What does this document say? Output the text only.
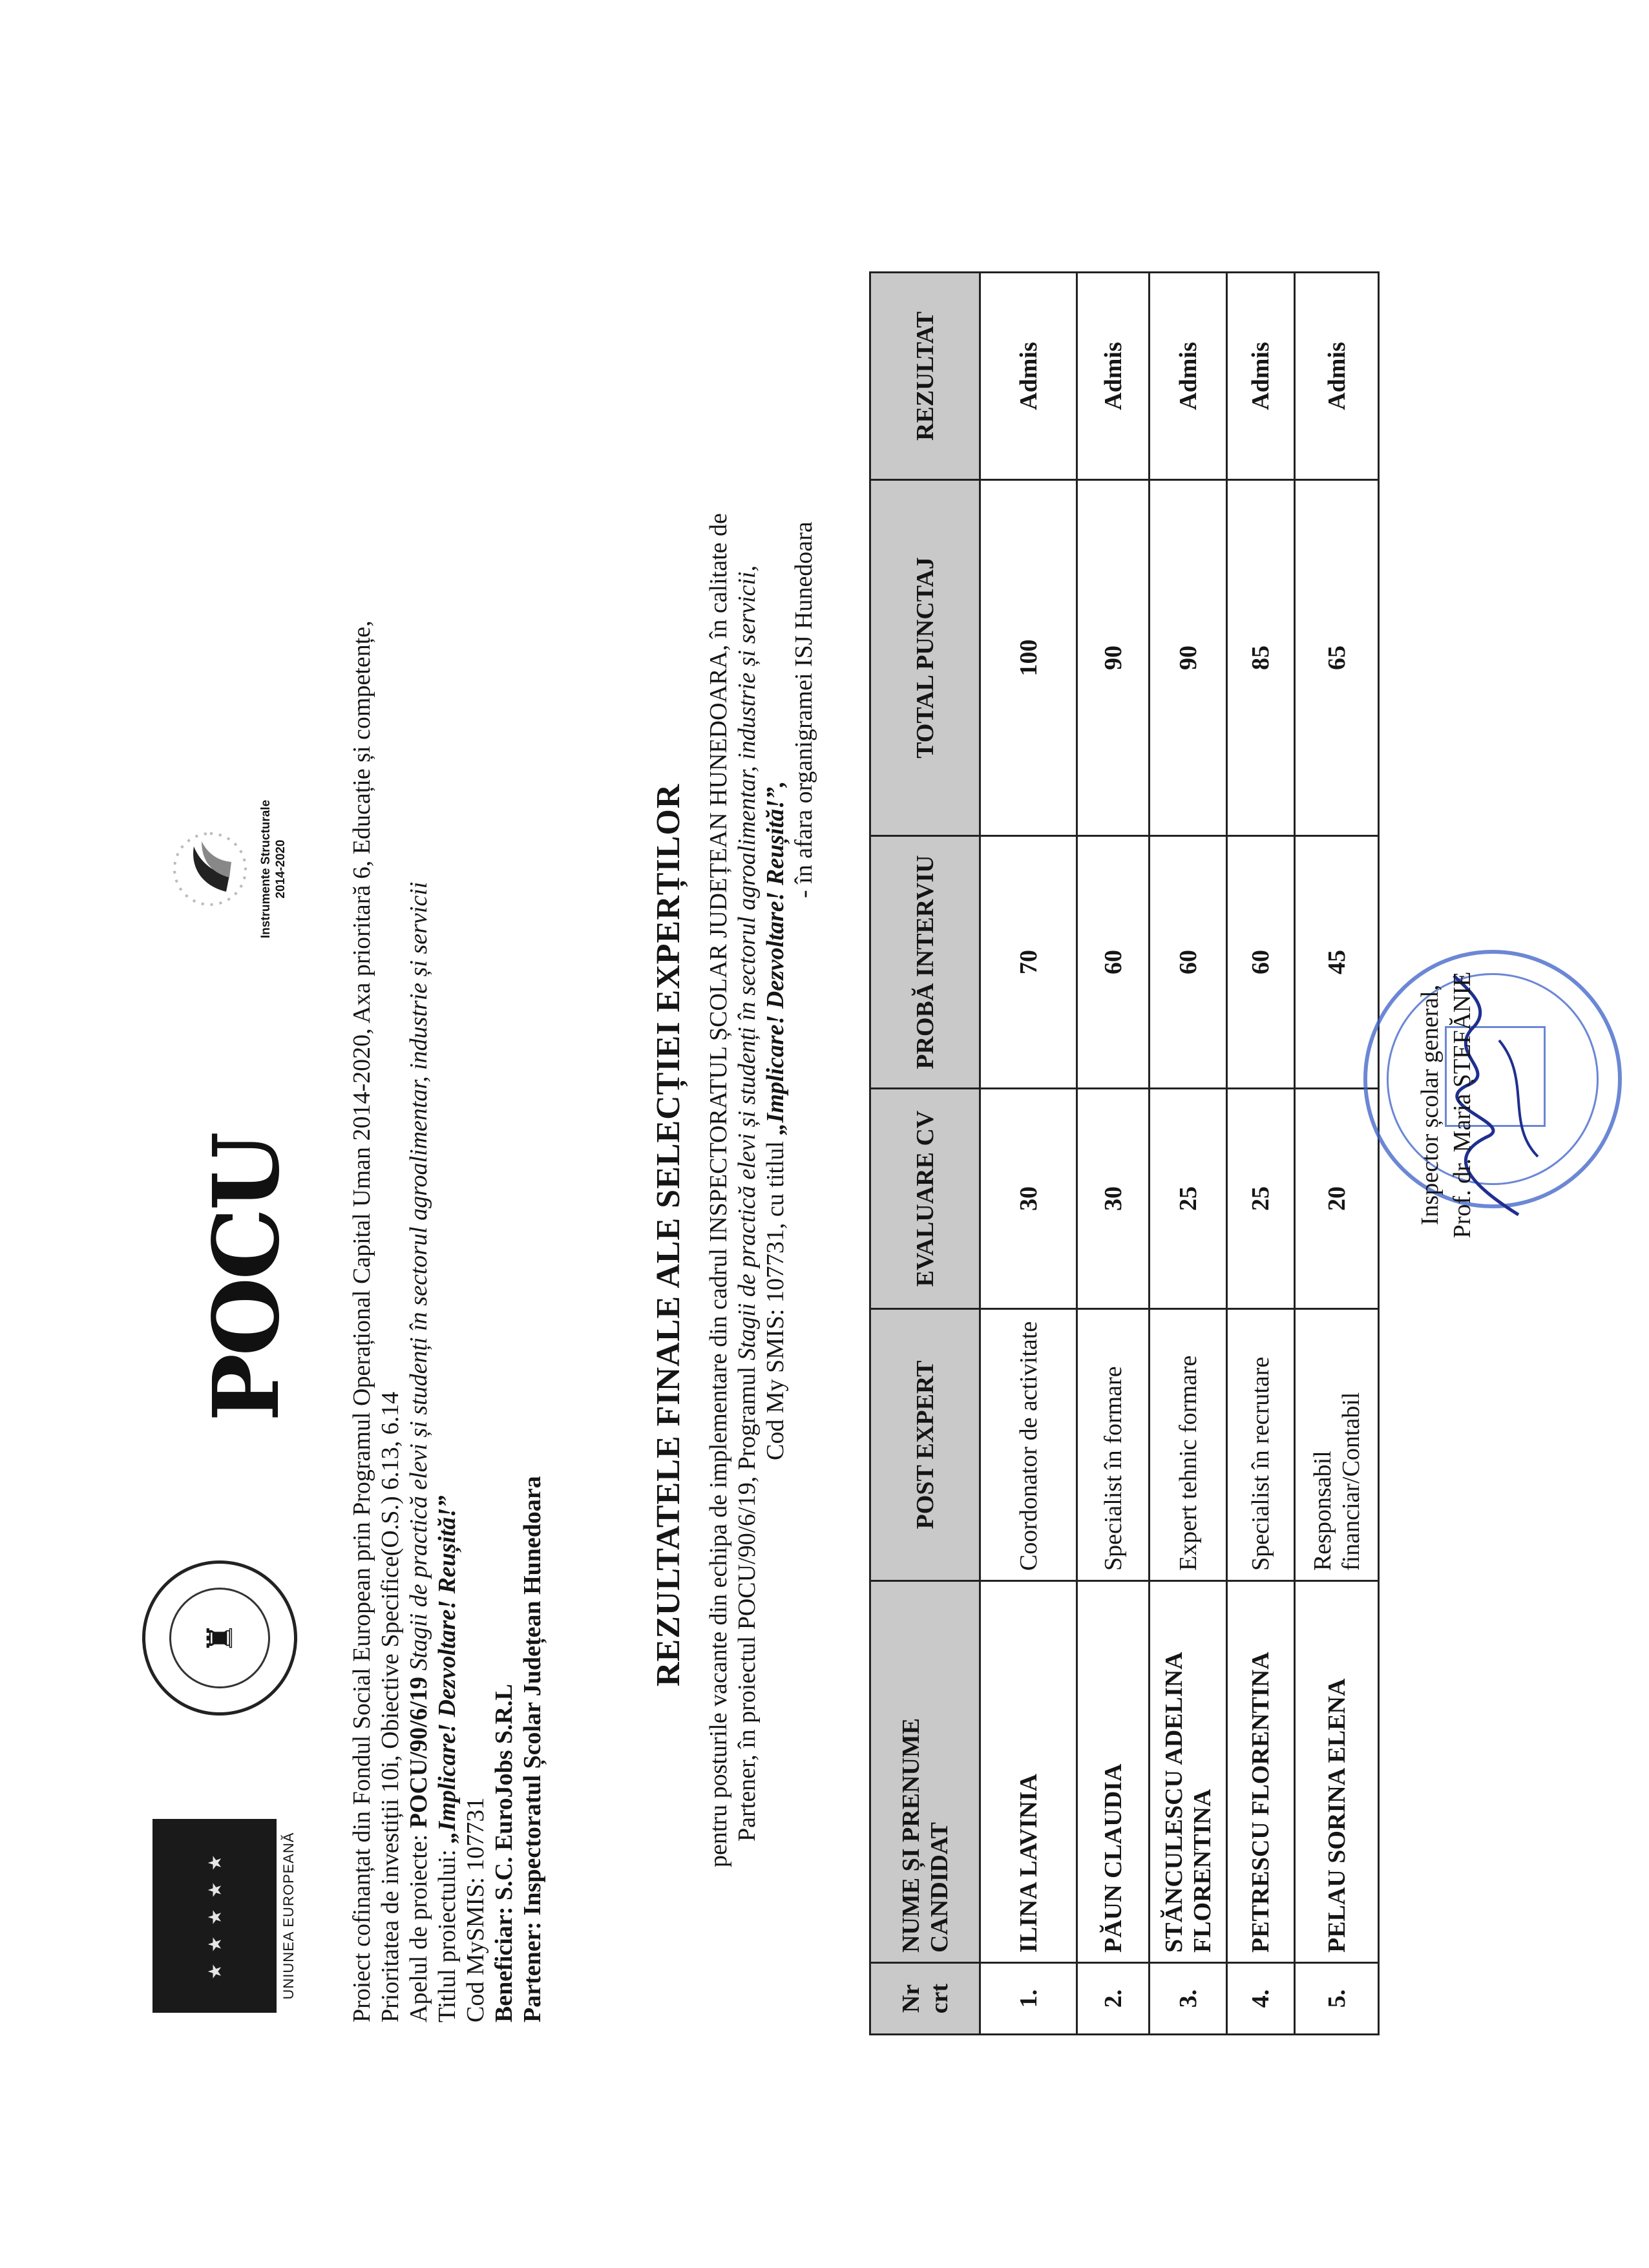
★ ★ ★ ★ ★	UNIUNEA EUROPEANĂ
♜
POCU
Instrumente Structurale 2014-2020 Proiect cofinanțat din Fondul Social European prin Programul Operațional Capital Uman 2014-2020, Axa prioritară 6, Educație și competențe, Prioritatea de investiții 10i, Obiective Specifice(O.S.) 6.13, 6.14 Apelul de proiecte: POCU/90/6/19 Stagii de practică elevi și studenți în sectorul agroalimentar, industrie și servicii
Titlul proiectului: „Implicare! Dezvoltare! Reușită!”
Cod MySMIS: 107731 Beneficiar: S.C. EuroJobs S.R.L Partener: Inspectoratul Școlar Județean Hunedoara
REZULTATELE FINALE ALE SELECȚIEI EXPERȚILOR pentru posturile vacante din echipa de implementare din cadrul INSPECTORATUL ȘCOLAR JUDEȚEAN HUNEDOARA, în calitate de Partener, în proiectul POCU/90/6/19, Programul Stagii de practică elevi și studenți în sectorul agroalimentar, industrie și servicii, Cod My SMIS: 107731, cu titlul „Implicare! Dezvoltare! Reușită!”,
- în afara organigramei ISJ Hunedoara
Nr crt	NUME ȘI PRENUME CANDIDAT	POST EXPERT	EVALUARE CV	PROBĂ INTERVIU	TOTAL PUNCTAJ	REZULTAT
1.	ILINA LAVINIA	Coordonator de activitate	30	70	100	Admis
2.	PĂUN CLAUDIA	Specialist în formare	30	60	90	Admis
3.	STĂNCULESCU ADELINA FLORENTINA	Expert tehnic formare	25	60	90	Admis
4.	PETRESCU FLORENTINA	Specialist în recrutare	25	60	85	Admis
5.	PELAU SORINA ELENA	Responsabil financiar/Contabil	20	45	65	Admis
Inspector școlar general, Prof. dr. Maria ȘTEFĂNIE
